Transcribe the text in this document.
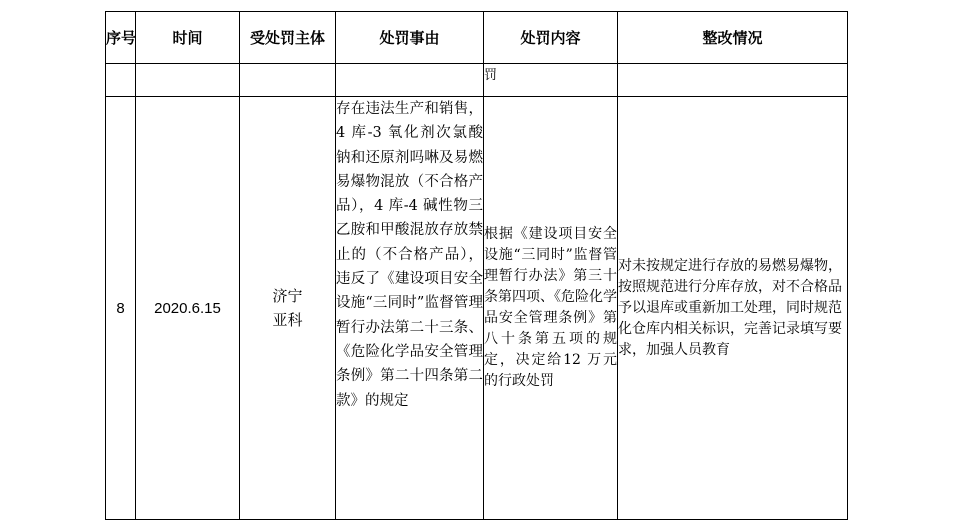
序号	时间	受处罚主体	处罚事由	处罚内容	整改情况
				罚	
8	2020.6.15	济宁亚科	存在违法生产和销售，4 库-3 氧化剂次氯酸钠和还原剂吗啉及易燃易爆物混放（不合格产品），4 库-4 碱性物三乙胺和甲酸混放存放禁止的（不合格产品），违反了《建设项目安全设施“三同时”监督管理暂行办法第二十三条、《危险化学品安全管理条例》第二十四条第二款》的规定	根据《建设项目安全设施“三同时”监督管理暂行办法》第三十条第四项、《危险化学品安全管理条例》第八十条第五项的规定，决定给12 万元的行政处罚	对未按规定进行存放的易燃易爆物，按照规范进行分库存放，对不合格品予以退库或重新加工处理，同时规范化仓库内相关标识，完善记录填写要求，加强人员教育
